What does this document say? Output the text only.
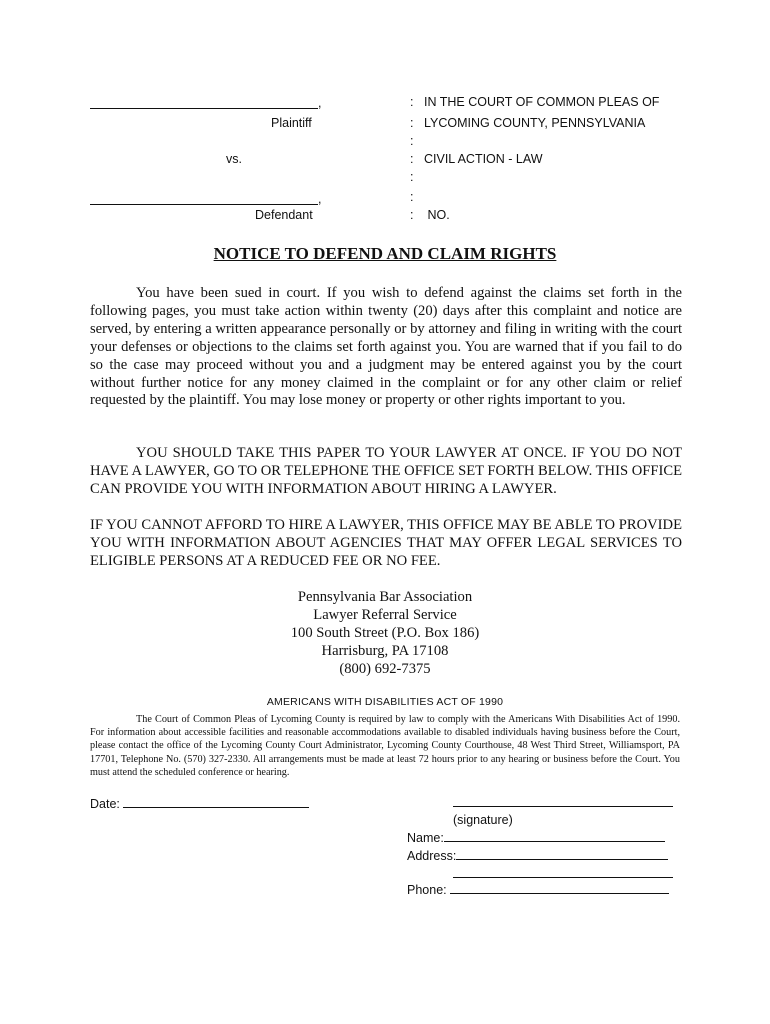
,
Plaintiff
vs.
,
Defendant
: IN THE COURT OF COMMON PLEAS OF
: LYCOMING COUNTY, PENNSYLVANIA
:
: CIVIL ACTION - LAW
:
:
: NO.
NOTICE TO DEFEND AND CLAIM RIGHTS
You have been sued in court. If you wish to defend against the claims set forth in the following pages, you must take action within twenty (20) days after this complaint and notice are served, by entering a written appearance personally or by attorney and filing in writing with the court your defenses or objections to the claims set forth against you. You are warned that if you fail to do so the case may proceed without you and a judgment may be entered against you by the court without further notice for any money claimed in the complaint or for any other claim or relief requested by the plaintiff. You may lose money or property or other rights important to you.
YOU SHOULD TAKE THIS PAPER TO YOUR LAWYER AT ONCE. IF YOU DO NOT HAVE A LAWYER, GO TO OR TELEPHONE THE OFFICE SET FORTH BELOW. THIS OFFICE CAN PROVIDE YOU WITH INFORMATION ABOUT HIRING A LAWYER.
IF YOU CANNOT AFFORD TO HIRE A LAWYER, THIS OFFICE MAY BE ABLE TO PROVIDE YOU WITH INFORMATION ABOUT AGENCIES THAT MAY OFFER LEGAL SERVICES TO ELIGIBLE PERSONS AT A REDUCED FEE OR NO FEE.
Pennsylvania Bar Association
Lawyer Referral Service
100 South Street (P.O. Box 186)
Harrisburg, PA 17108
(800) 692-7375
AMERICANS WITH DISABILITIES ACT OF 1990
The Court of Common Pleas of Lycoming County is required by law to comply with the Americans With Disabilities Act of 1990. For information about accessible facilities and reasonable accommodations available to disabled individuals having business before the Court, please contact the office of the Lycoming County Court Administrator, Lycoming County Courthouse, 48 West Third Street, Williamsport, PA 17701, Telephone No. (570) 327-2330. All arrangements must be made at least 72 hours prior to any hearing or business before the Court. You must attend the scheduled conference or hearing.
Date:
(signature)
Name:
Address:
Phone:
